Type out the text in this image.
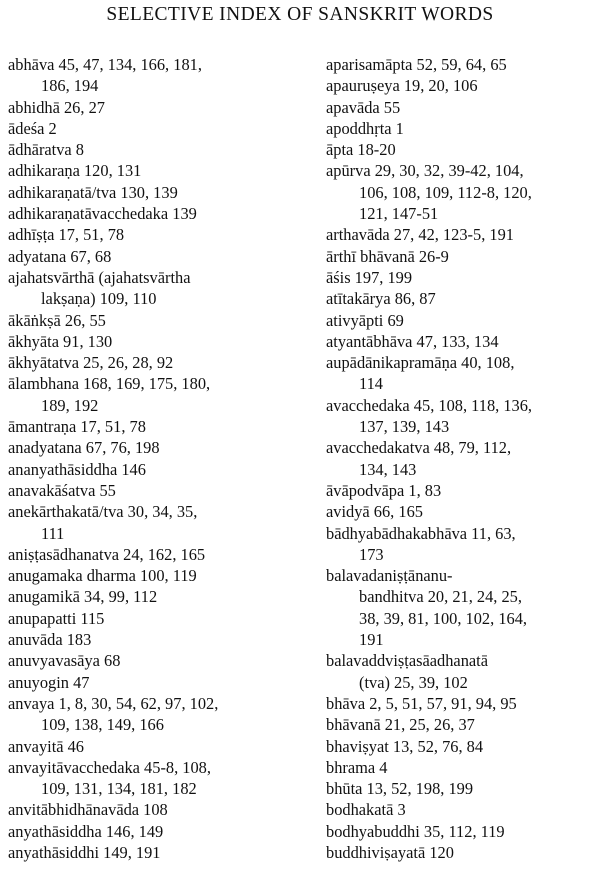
SELECTIVE INDEX OF SANSKRIT WORDS
abhāva 45, 47, 134, 166, 181,
186, 194
abhidhā 26, 27
ādeśa 2
ādhāratva 8
adhikaraṇa 120, 131
adhikaraṇatā/tva 130, 139
adhikaraṇatāvacchedaka 139
adhīṣṭa 17, 51, 78
adyatana 67, 68
ajahatsvārthā (ajahatsvārtha
lakṣaṇa) 109, 110
ākāṅkṣā 26, 55
ākhyāta 91, 130
ākhyātatva 25, 26, 28, 92
ālambhana 168, 169, 175, 180,
189, 192
āmantraṇa 17, 51, 78
anadyatana 67, 76, 198
ananyathāsiddha 146
anavakāśatva 55
anekārthakatā/tva 30, 34, 35,
111
aniṣṭasādhanatva 24, 162, 165
anugamaka dharma 100, 119
anugamikā 34, 99, 112
anupapatti 115
anuvāda 183
anuvyavasāya 68
anuyogin 47
anvaya 1, 8, 30, 54, 62, 97, 102,
109, 138, 149, 166
anvayitā 46
anvayitāvacchedaka 45-8, 108,
109, 131, 134, 181, 182
anvitābhidhānavāda 108
anyathāsiddha 146, 149
anyathāsiddhi 149, 191
aparisamāpta 52, 59, 64, 65
apauruṣeya 19, 20, 106
apavāda 55
apoddhṛta 1
āpta 18-20
apūrva 29, 30, 32, 39-42, 104,
106, 108, 109, 112-8, 120,
121, 147-51
arthavāda 27, 42, 123-5, 191
ārthī bhāvanā 26-9
āśis 197, 199
atītakārya 86, 87
ativyāpti 69
atyantābhāva 47, 133, 134
aupādānikapramāṇa 40, 108,
114
avacchedaka 45, 108, 118, 136,
137, 139, 143
avacchedakatva 48, 79, 112,
134, 143
āvāpodvāpa 1, 83
avidyā 66, 165
bādhyabādhakabhāva 11, 63,
173
balavadaniṣṭānanu-
bandhitva 20, 21, 24, 25,
38, 39, 81, 100, 102, 164,
191
balavaddviṣṭasāadhanatā
(tva) 25, 39, 102
bhāva 2, 5, 51, 57, 91, 94, 95
bhāvanā 21, 25, 26, 37
bhaviṣyat 13, 52, 76, 84
bhrama 4
bhūta 13, 52, 198, 199
bodhakatā 3
bodhyabuddhi 35, 112, 119
buddhiviṣayatā 120
